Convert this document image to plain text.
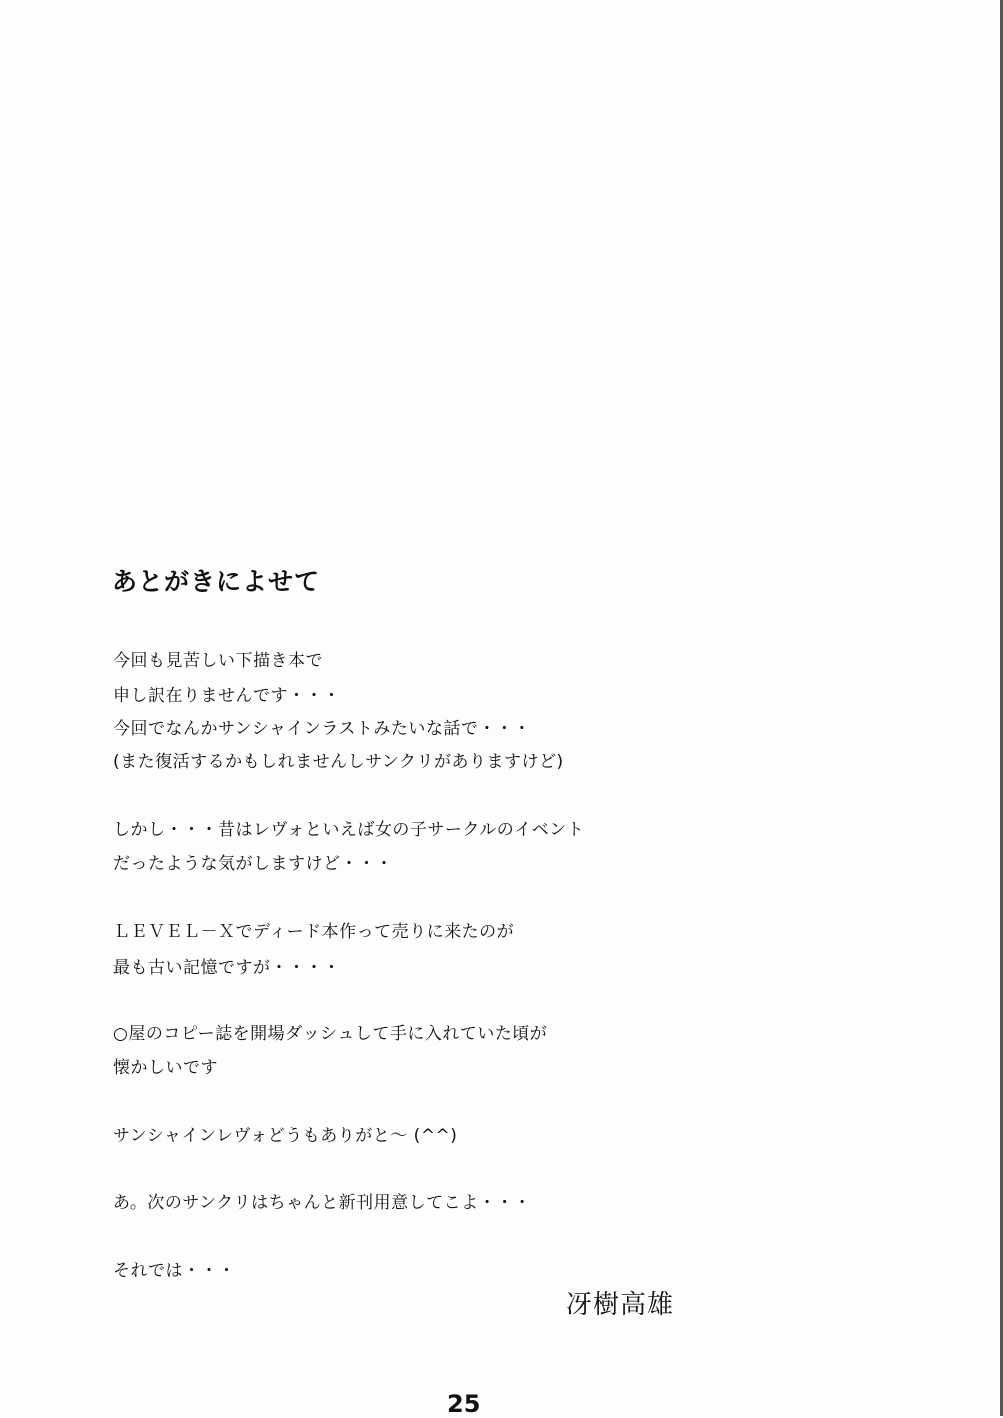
あとがきによせて
今回も見苦しい下描き本で
申し訳在りませんです・・・
今回でなんかサンシャインラストみたいな話で・・・
(また復活するかもしれませんしサンクリがありますけど)
しかし・・・昔はレヴォといえば女の子サークルのイベント
だったような気がしますけど・・・
ＬＥＶＥＬ－Ｘでディード本作って売りに来たのが
最も古い記憶ですが・・・・
○屋のコピー誌を開場ダッシュして手に入れていた頃が
懐かしいです
サンシャインレヴォどうもありがと～ (^^)
あ。次のサンクリはちゃんと新刊用意してこよ・・・
それでは・・・
冴樹高雄
25
